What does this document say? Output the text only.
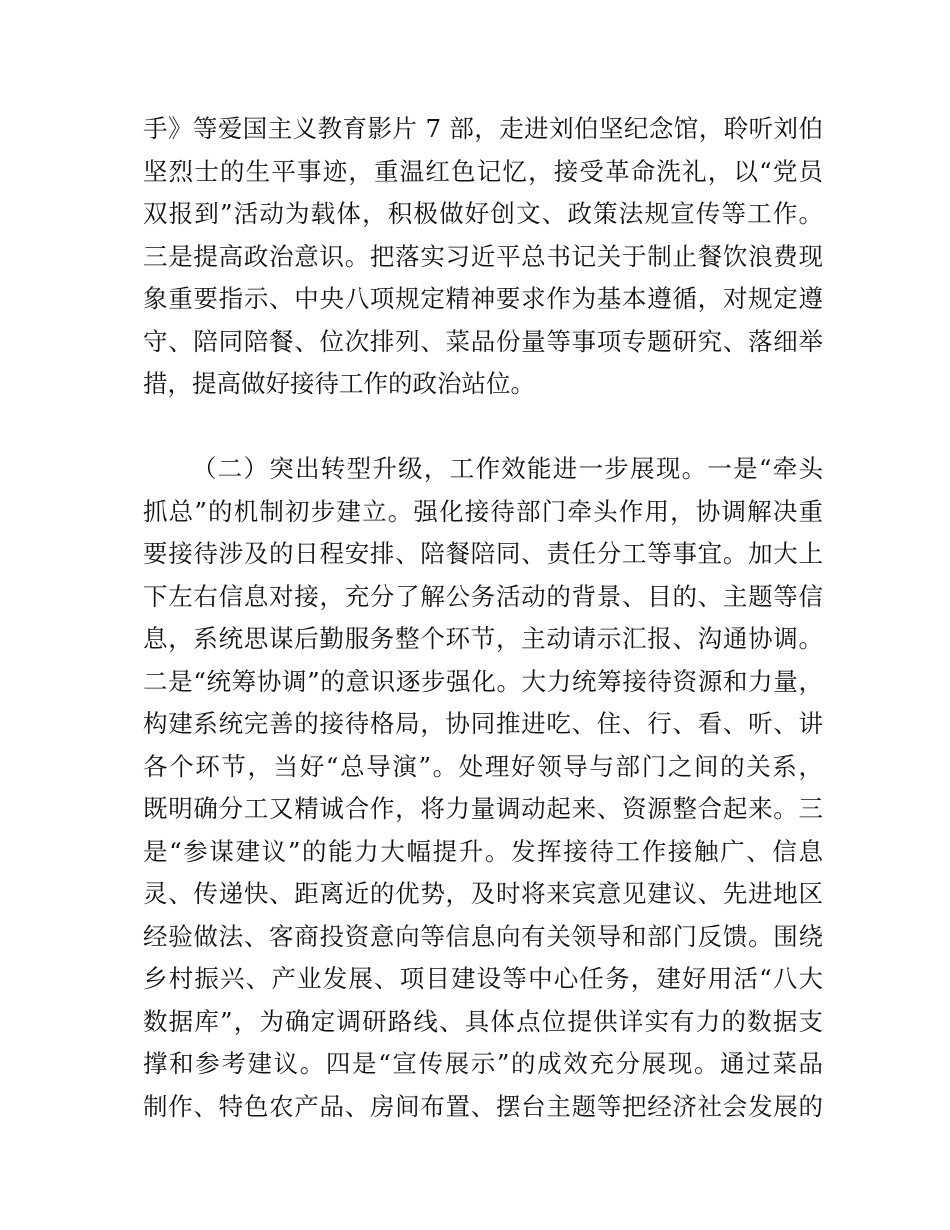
手》等爱国主义教育影片 7 部，走进刘伯坚纪念馆，聆听刘伯
坚烈士的生平事迹，重温红色记忆，接受革命洗礼，以“党员
双报到”活动为载体，积极做好创文、政策法规宣传等工作。
三是提高政治意识。把落实习近平总书记关于制止餐饮浪费现
象重要指示、中央八项规定精神要求作为基本遵循，对规定遵
守、陪同陪餐、位次排列、菜品份量等事项专题研究、落细举
措，提高做好接待工作的政治站位。
（二）突出转型升级，工作效能进一步展现。一是“牵头
抓总”的机制初步建立。强化接待部门牵头作用，协调解决重
要接待涉及的日程安排、陪餐陪同、责任分工等事宜。加大上
下左右信息对接，充分了解公务活动的背景、目的、主题等信
息，系统思谋后勤服务整个环节，主动请示汇报、沟通协调。
二是“统筹协调”的意识逐步强化。大力统筹接待资源和力量，
构建系统完善的接待格局，协同推进吃、住、行、看、听、讲
各个环节，当好“总导演”。处理好领导与部门之间的关系，
既明确分工又精诚合作，将力量调动起来、资源整合起来。三
是“参谋建议”的能力大幅提升。发挥接待工作接触广、信息
灵、传递快、距离近的优势，及时将来宾意见建议、先进地区
经验做法、客商投资意向等信息向有关领导和部门反馈。围绕
乡村振兴、产业发展、项目建设等中心任务，建好用活“八大
数据库”，为确定调研路线、具体点位提供详实有力的数据支
撑和参考建议。四是“宣传展示”的成效充分展现。通过菜品
制作、特色农产品、房间布置、摆台主题等把经济社会发展的
